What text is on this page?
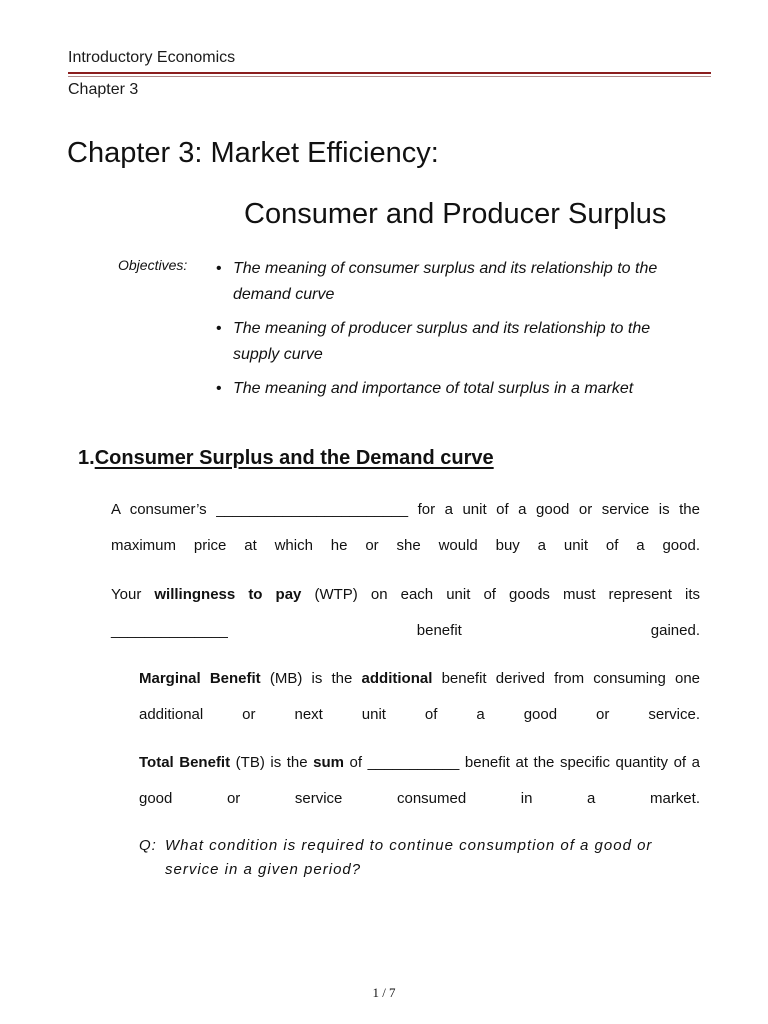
Introductory Economics
Chapter 3
Chapter 3: Market Efficiency:
Consumer and Producer Surplus
Objectives:
•	The meaning of consumer surplus and its relationship to the demand curve
• The meaning of producer surplus and its relationship to the supply curve
• The meaning and importance of total surplus in a market
1.Consumer Surplus and the Demand curve
A consumer’s _______________________ for a unit of a good or service is the maximum price at which he or she would buy a unit of a good.
Your willingness to pay (WTP) on each unit of goods must represent its ______________	benefit gained.
Marginal Benefit (MB) is the additional benefit derived from consuming one additional or next unit of a good or service.
Total Benefit (TB) is the sum of ___________ benefit at the specific quantity of a good or service consumed in a market.
Q: What condition is required to continue consumption of a good or service in a given period?
1 / 7
